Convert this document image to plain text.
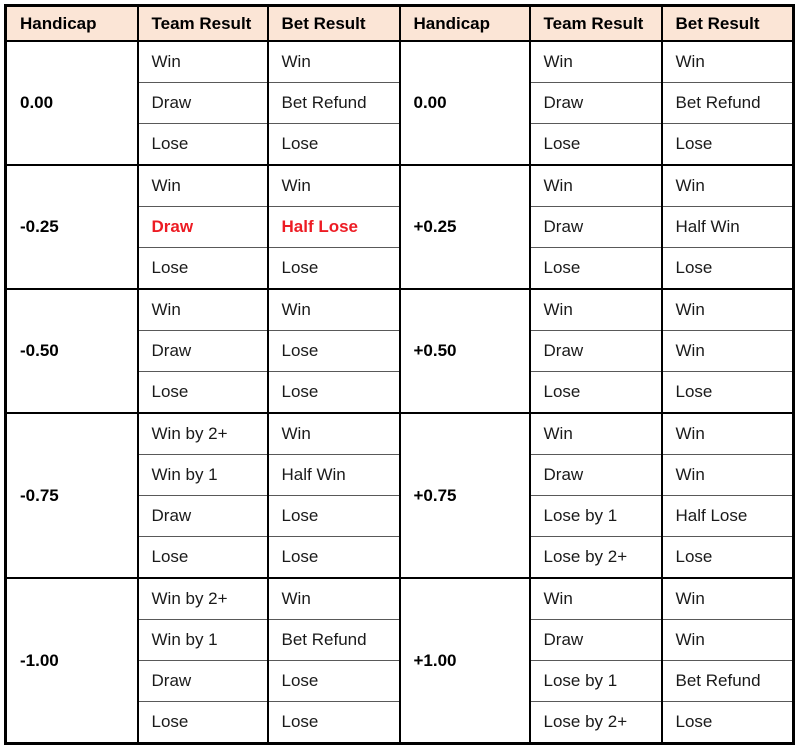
Handicap	Team Result	Bet Result	Handicap	Team Result	Bet Result
0.00	Win	Win	0.00	Win	Win
	Draw	Bet Refund		Draw	Bet Refund
	Lose	Lose		Lose	Lose
-0.25	Win	Win	+0.25	Win	Win
	Draw	Half Lose		Draw	Half Win
	Lose	Lose		Lose	Lose
-0.50	Win	Win	+0.50	Win	Win
	Draw	Lose		Draw	Win
	Lose	Lose		Lose	Lose
-0.75	Win by 2+	Win	+0.75	Win	Win
	Win by 1	Half Win		Draw	Win
	Draw	Lose		Lose by 1	Half Lose
	Lose	Lose		Lose by 2+	Lose
-1.00	Win by 2+	Win	+1.00	Win	Win
	Win by 1	Bet Refund		Draw	Win
	Draw	Lose		Lose by 1	Bet Refund
	Lose	Lose		Lose by 2+	Lose
